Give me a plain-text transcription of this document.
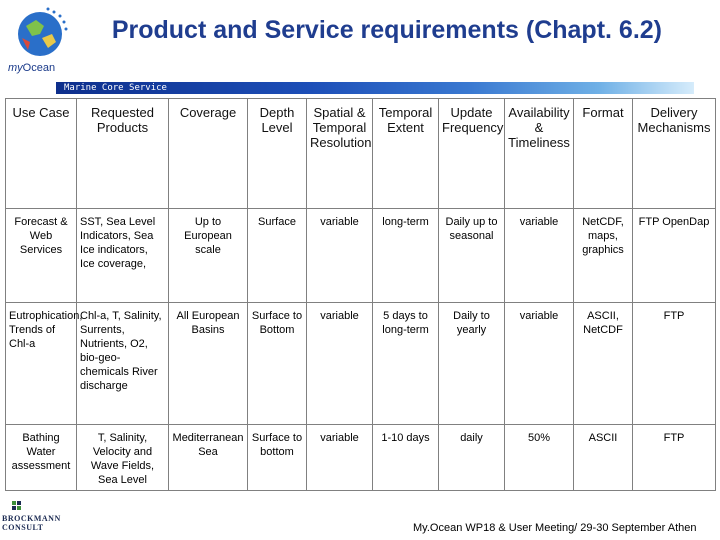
myOcean
Product and Service requirements (Chapt. 6.2)
Marine Core Service
Use Case	Requested Products	Coverage	Depth Level	Spatial & Temporal Resolution	Temporal Extent	Update Frequency	Availability & Timeliness	Format	Delivery Mechanisms
Forecast & Web Services	SST, Sea Level Indicators, Sea Ice indicators, Ice coverage,	Up to European scale	Surface	variable	long-term	Daily up to seasonal	variable	NetCDF, maps, graphics	FTP OpenDap
Eutrophication, Trends of Chl-a	Chl-a, T, Salinity, Surrents, Nutrients, O2, bio-geo-chemicals River discharge	All European Basins	Surface to Bottom	variable	5 days to long-term	Daily to yearly	variable	ASCII, NetCDF	FTP
Bathing Water assessment	T, Salinity, Velocity and Wave Fields, Sea Level	Mediterranean Sea	Surface to bottom	variable	1-10 days	daily	50%	ASCII	FTP
BROCKMANN
CONSULT	My.Ocean WP18 & User Meeting/ 29-30 September Athen
